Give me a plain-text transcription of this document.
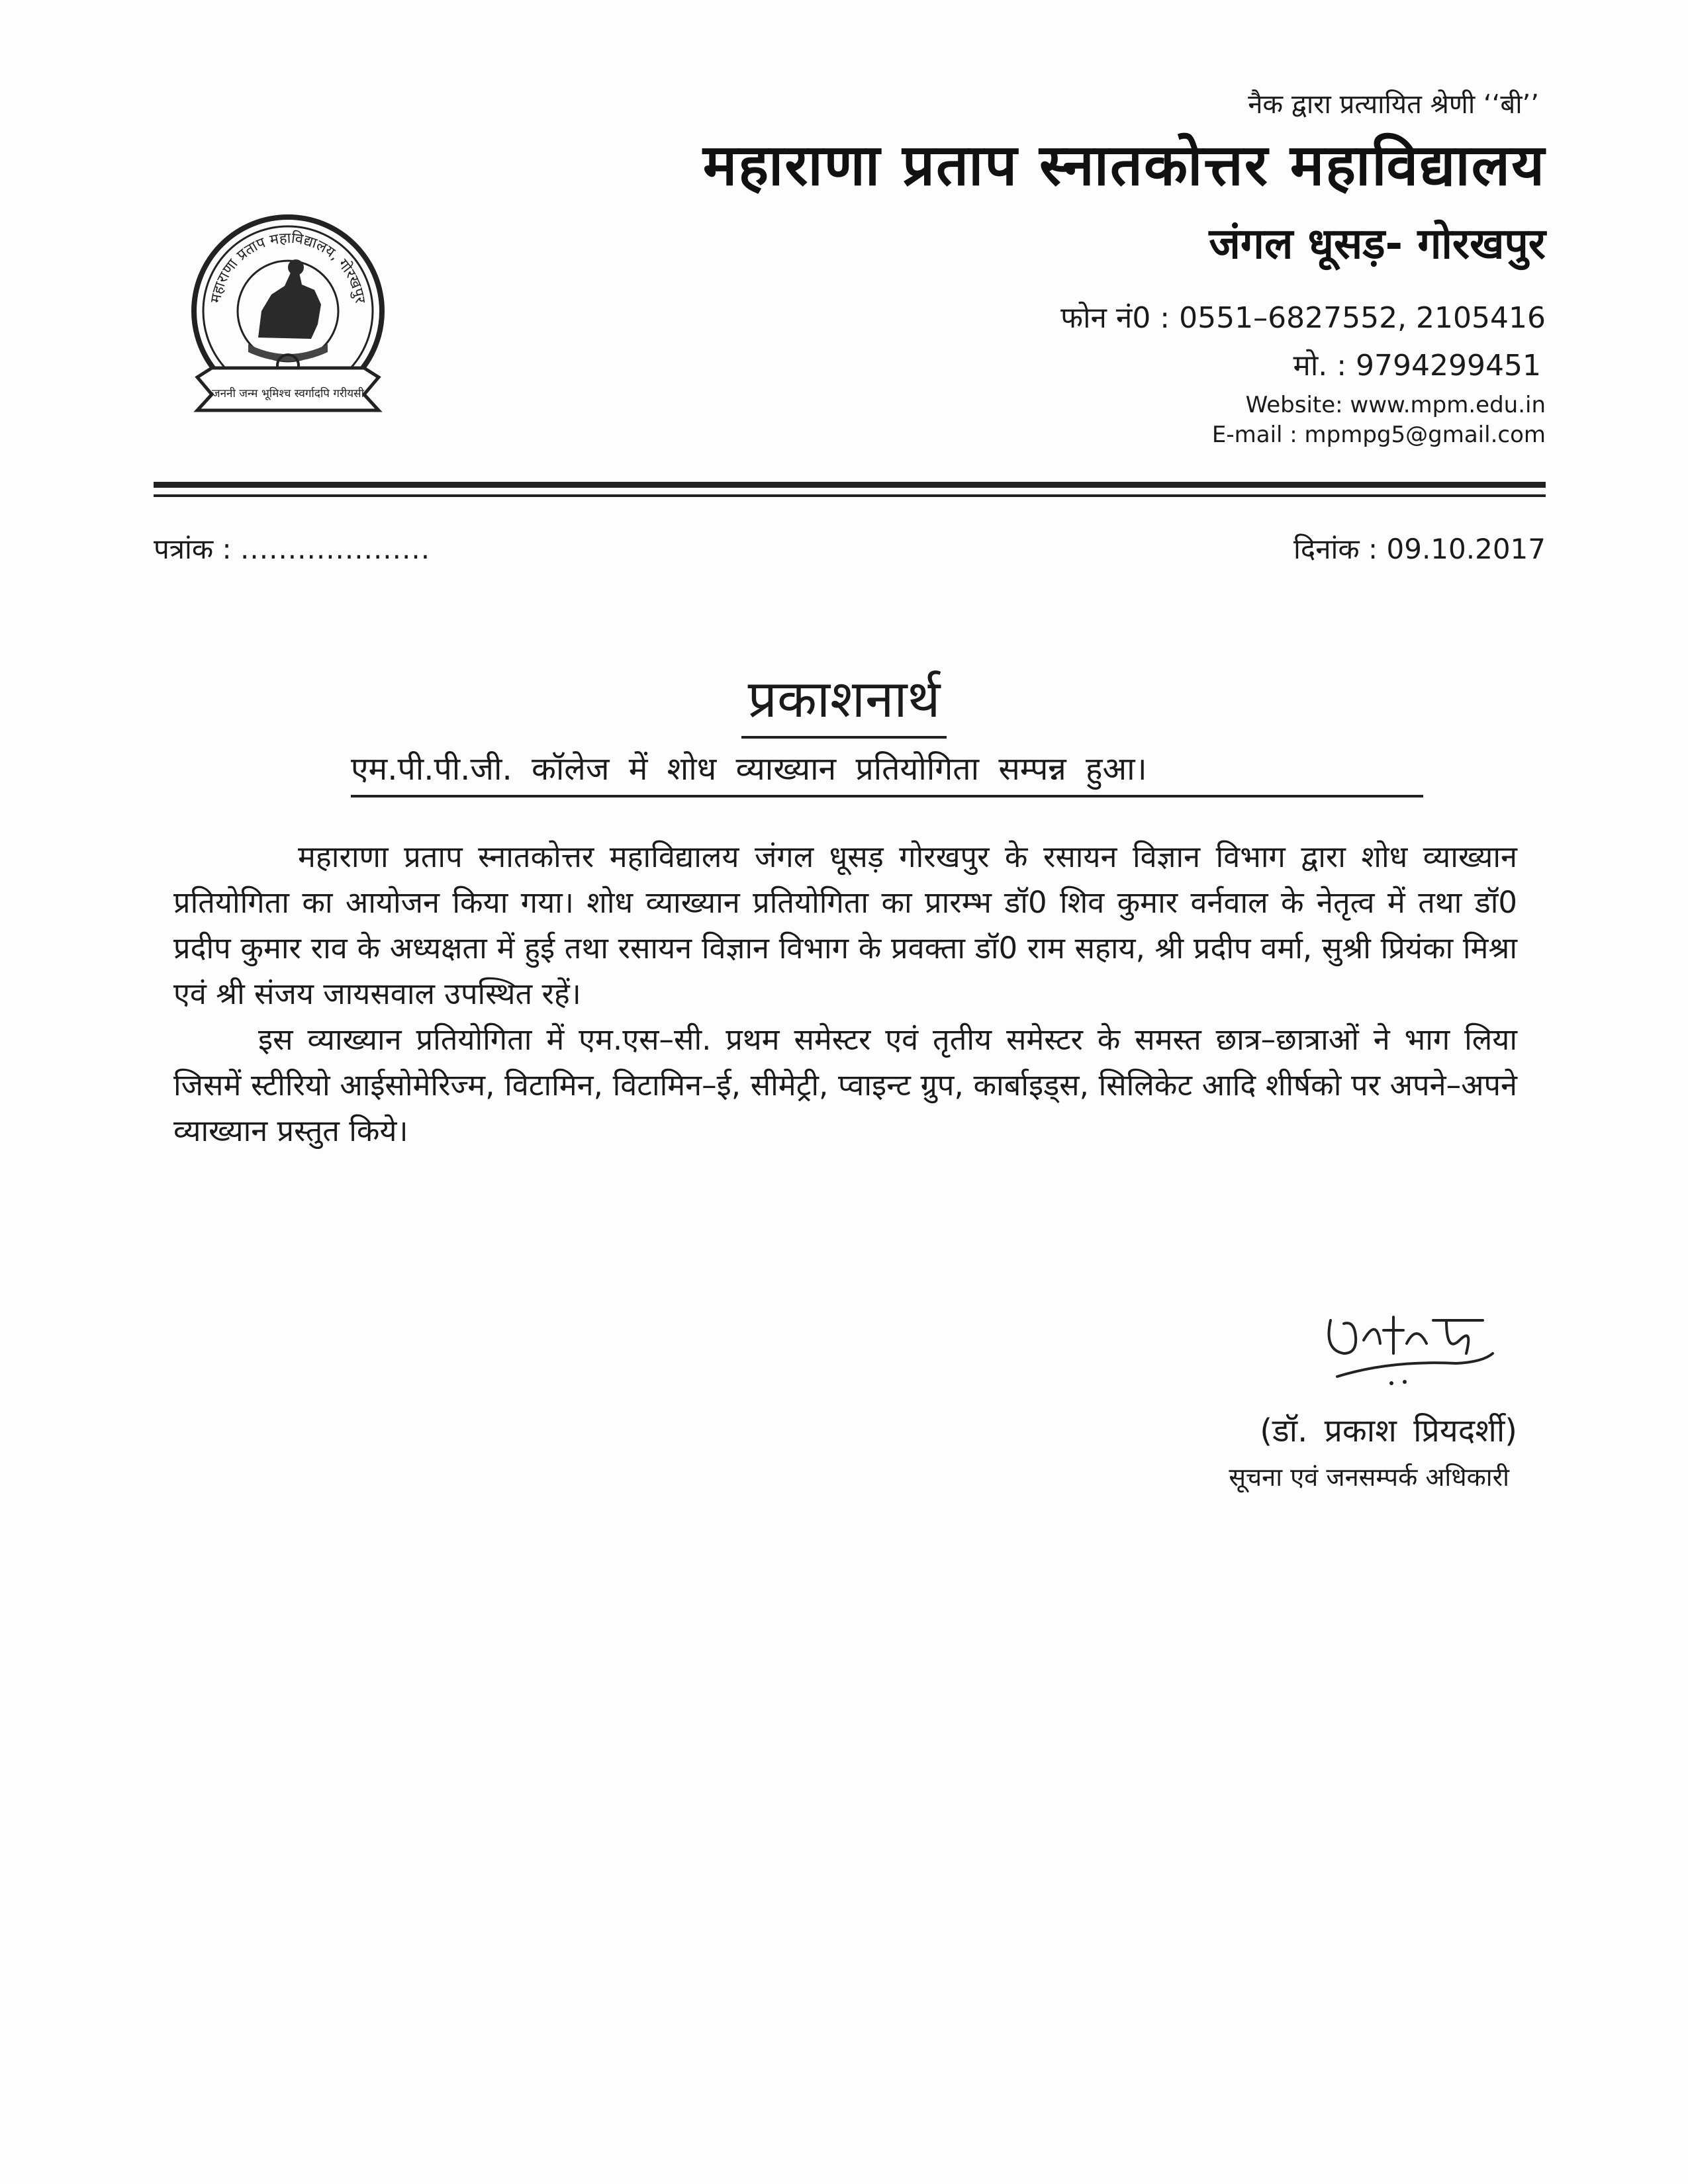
नैक द्वारा प्रत्यायित श्रेणी ‘‘बी’’
महाराणा प्रताप स्नातकोत्तर महाविद्यालय
जंगल धूसड़- गोरखपुर
फोन नं0 : 0551–6827552, 2105416
मो. : 9794299451
Website: www.mpm.edu.in
E-mail : mpmpg5@gmail.com
महाराणा प्रताप महाविद्यालय, गोरखपुर
जननी जन्म भूमिश्च स्वर्गादपि गरीयसी
पत्रांक : ....................	दिनांक : 09.10.2017
प्रकाशनार्थ
एम.पी.पी.जी. कॉलेज में शोध व्याख्यान प्रतियोगिता सम्पन्न हुआ।

महाराणा प्रताप स्नातकोत्तर महाविद्यालय जंगल धूसड़ गोरखपुर के रसायन विज्ञान विभाग द्वारा शोध व्याख्यान प्रतियोगिता का आयोजन किया गया। शोध व्याख्यान प्रतियोगिता का प्रारम्भ डॉ0 शिव कुमार वर्नवाल के नेतृत्व में तथा डॉ0 प्रदीप कुमार राव के अध्यक्षता में हुई तथा रसायन विज्ञान विभाग के प्रवक्ता डॉ0 राम सहाय, श्री प्रदीप वर्मा, सुश्री प्रियंका मिश्रा एवं श्री संजय जायसवाल उपस्थित रहें।

इस व्याख्यान प्रतियोगिता में एम.एस–सी. प्रथम समेस्टर एवं तृतीय समेस्टर के समस्त छात्र–छात्राओं ने भाग लिया जिसमें स्टीरियो आईसोमेरिज्म, विटामिन, विटामिन–ई, सीमेट्री, प्वाइन्ट ग्रुप, कार्बाइड्स, सिलिकेट आदि शीर्षको पर अपने–अपने व्याख्यान प्रस्तुत किये।

(डॉ. प्रकाश प्रियदर्शी)
सूचना एवं जनसम्पर्क अधिकारी
